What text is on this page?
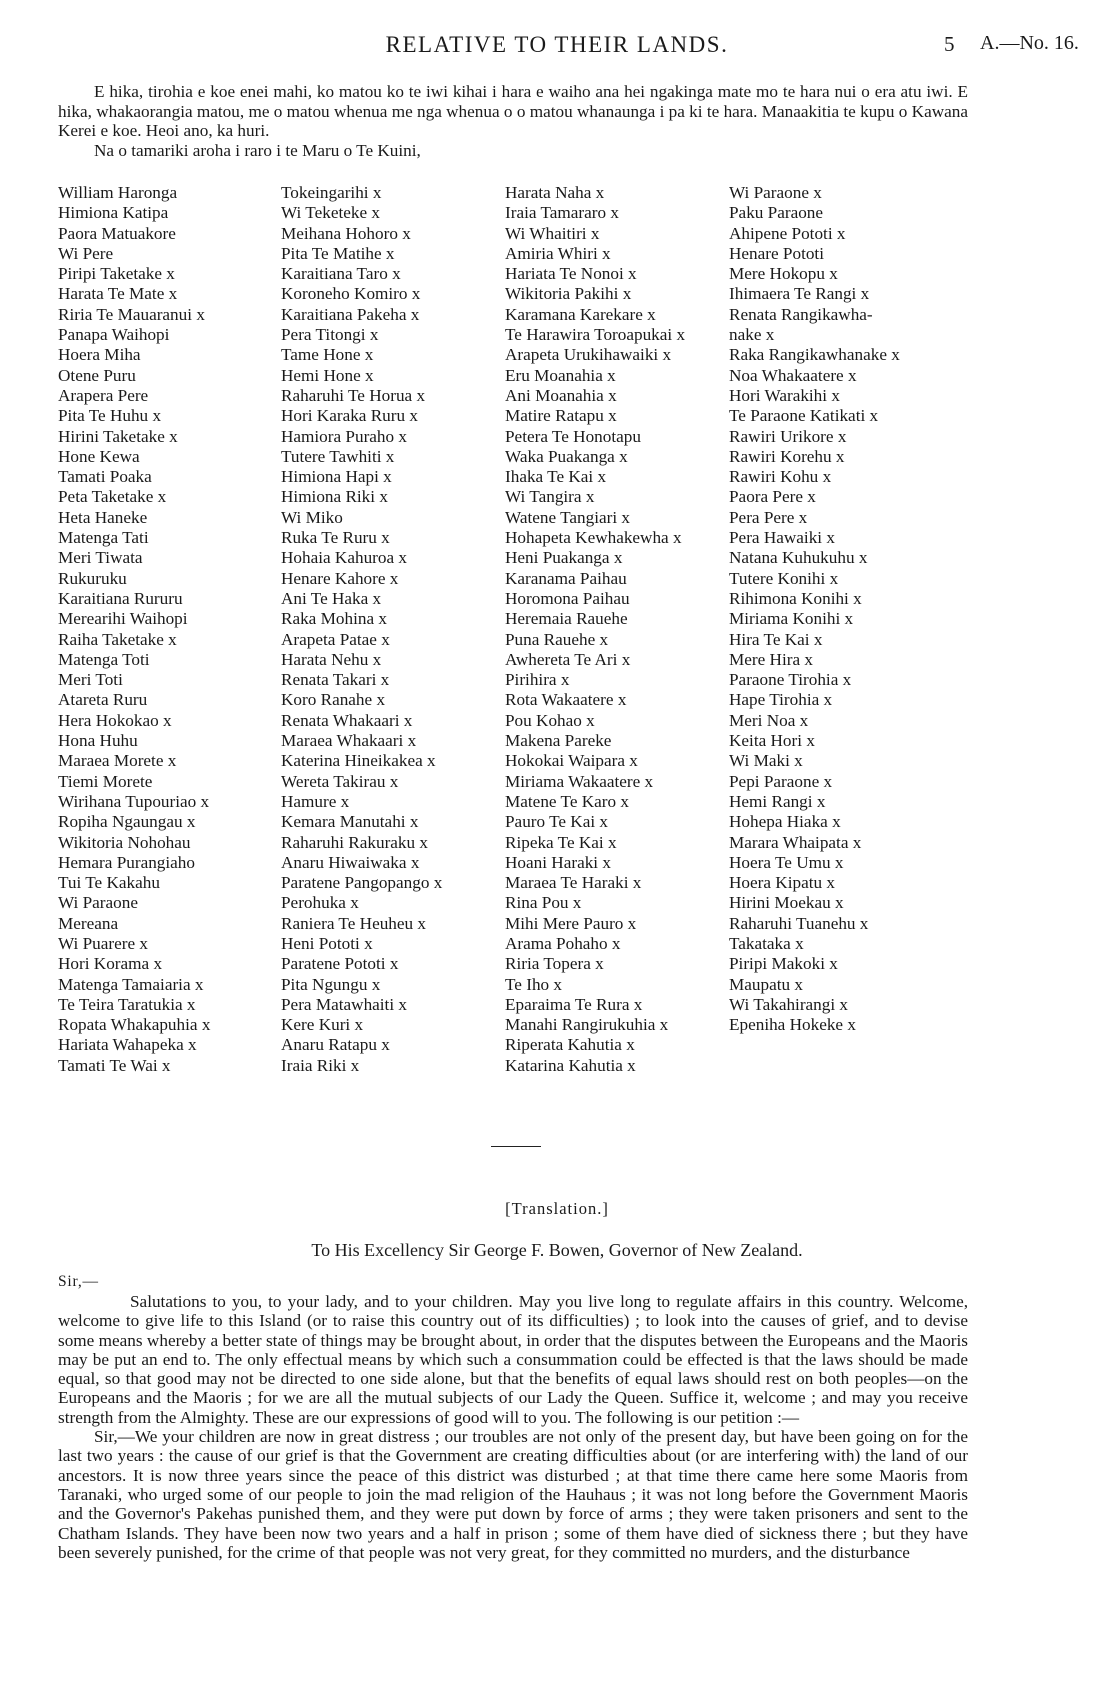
RELATIVE TO THEIR LANDS.	5 A.—No. 16.

E hika, tirohia e koe enei mahi, ko matou ko te iwi kihai i hara e waiho ana hei ngakinga mate mo te hara nui o era atu iwi. E hika, whakaorangia matou, me o matou whenua me nga whenua o o matou whanaunga i pa ki te hara. Manaakitia te kupu o Kawana Kerei e koe. Heoi ano, ka huri.

Na o tamariki aroha i raro i te Maru o Te Kuini,

William Haronga
Himiona Katipa
Paora Matuakore
Wi Pere
Piripi Taketake x
Harata Te Mate x
Riria Te Mauaranui x
Panapa Waihopi
Hoera Miha
Otene Puru
Arapera Pere
Pita Te Huhu x
Hirini Taketake x
Hone Kewa
Tamati Poaka
Peta Taketake x
Heta Haneke
Matenga Tati
Meri Tiwata
Rukuruku
Karaitiana Rururu
Merearihi Waihopi
Raiha Taketake x
Matenga Toti
Meri Toti
Atareta Ruru
Hera Hokokao x
Hona Huhu
Maraea Morete x
Tiemi Morete
Wirihana Tupouriao x
Ropiha Ngaungau x
Wikitoria Nohohau
Hemara Purangiaho
Tui Te Kakahu
Wi Paraone
Mereana
Wi Puarere x
Hori Korama x
Matenga Tamaiaria x
Te Teira Taratukia x
Ropata Whakapuhia x
Hariata Wahapeka x
Tamati Te Wai x
Tokeingarihi x
Wi Teketeke x
Meihana Hohoro x
Pita Te Matihe x
Karaitiana Taro x
Koroneho Komiro x
Karaitiana Pakeha x
Pera Titongi x
Tame Hone x
Hemi Hone x
Raharuhi Te Horua x
Hori Karaka Ruru x
Hamiora Puraho x
Tutere Tawhiti x
Himiona Hapi x
Himiona Riki x
Wi Miko
Ruka Te Ruru x
Hohaia Kahuroa x
Henare Kahore x
Ani Te Haka x
Raka Mohina x
Arapeta Patae x
Harata Nehu x
Renata Takari x
Koro Ranahe x
Renata Whakaari x
Maraea Whakaari x
Katerina Hineikakea x
Wereta Takirau x
Hamure x
Kemara Manutahi x
Raharuhi Rakuraku x
Anaru Hiwaiwaka x
Paratene Pangopango x
Perohuka x
Raniera Te Heuheu x
Heni Pototi x
Paratene Pototi x
Pita Ngungu x
Pera Matawhaiti x
Kere Kuri x
Anaru Ratapu x
Iraia Riki x
Harata Naha x
Iraia Tamararo x
Wi Whaitiri x
Amiria Whiri x
Hariata Te Nonoi x
Wikitoria Pakihi x
Karamana Karekare x
Te Harawira Toroapukai x
Arapeta Urukihawaiki x
Eru Moanahia x
Ani Moanahia x
Matire Ratapu x
Petera Te Honotapu
Waka Puakanga x
Ihaka Te Kai x
Wi Tangira x
Watene Tangiari x
Hohapeta Kewhakewha x
Heni Puakanga x
Karanama Paihau
Horomona Paihau
Heremaia Rauehe
Puna Rauehe x
Awhereta Te Ari x
Pirihira x
Rota Wakaatere x
Pou Kohao x
Makena Pareke
Hokokai Waipara x
Miriama Wakaatere x
Matene Te Karo x
Pauro Te Kai x
Ripeka Te Kai x
Hoani Haraki x
Maraea Te Haraki x
Rina Pou x
Mihi Mere Pauro x
Arama Pohaho x
Riria Topera x
Te Iho x
Eparaima Te Rura x
Manahi Rangirukuhia x
Riperata Kahutia x
Katarina Kahutia x
Wi Paraone x
Paku Paraone
Ahipene Pototi x
Henare Pototi
Mere Hokopu x
Ihimaera Te Rangi x
Renata Rangikawha-
nake x
Raka Rangikawhanake x
Noa Whakaatere x
Hori Warakihi x
Te Paraone Katikati x
Rawiri Urikore x
Rawiri Korehu x
Rawiri Kohu x
Paora Pere x
Pera Pere x
Pera Hawaiki x
Natana Kuhukuhu x
Tutere Konihi x
Rihimona Konihi x
Miriama Konihi x
Hira Te Kai x
Mere Hira x
Paraone Tirohia x
Hape Tirohia x
Meri Noa x
Keita Hori x
Wi Maki x
Pepi Paraone x
Hemi Rangi x
Hohepa Hiaka x
Marara Whaipata x
Hoera Te Umu x
Hoera Kipatu x
Hirini Moekau x
Raharuhi Tuanehu x
Takataka x
Piripi Makoki x
Maupatu x
Wi Takahirangi x
Epeniha Hokeke x
[Translation.]
To His Excellency Sir George F. Bowen, Governor of New Zealand.
Sir,—

Salutations to you, to your lady, and to your children. May you live long to regulate affairs in this country. Welcome, welcome to give life to this Island (or to raise this country out of its difficulties) ; to look into the causes of grief, and to devise some means whereby a better state of things may be brought about, in order that the disputes between the Europeans and the Maoris may be put an end to. The only effectual means by which such a consummation could be effected is that the laws should be made equal, so that good may not be directed to one side alone, but that the benefits of equal laws should rest on both peoples—on the Europeans and the Maoris ; for we are all the mutual subjects of our Lady the Queen. Suffice it, welcome ; and may you receive strength from the Almighty. These are our expressions of good will to you. The following is our petition :—

Sir,—We your children are now in great distress ; our troubles are not only of the present day, but have been going on for the last two years : the cause of our grief is that the Government are creating difficulties about (or are interfering with) the land of our ancestors. It is now three years since the peace of this district was disturbed ; at that time there came here some Maoris from Taranaki, who urged some of our people to join the mad religion of the Hauhaus ; it was not long before the Government Maoris and the Governor's Pakehas punished them, and they were put down by force of arms ; they were taken prisoners and sent to the Chatham Islands. They have been now two years and a half in prison ; some of them have died of sickness there ; but they have been severely punished, for the crime of that people was not very great, for they committed no murders, and the disturbance
